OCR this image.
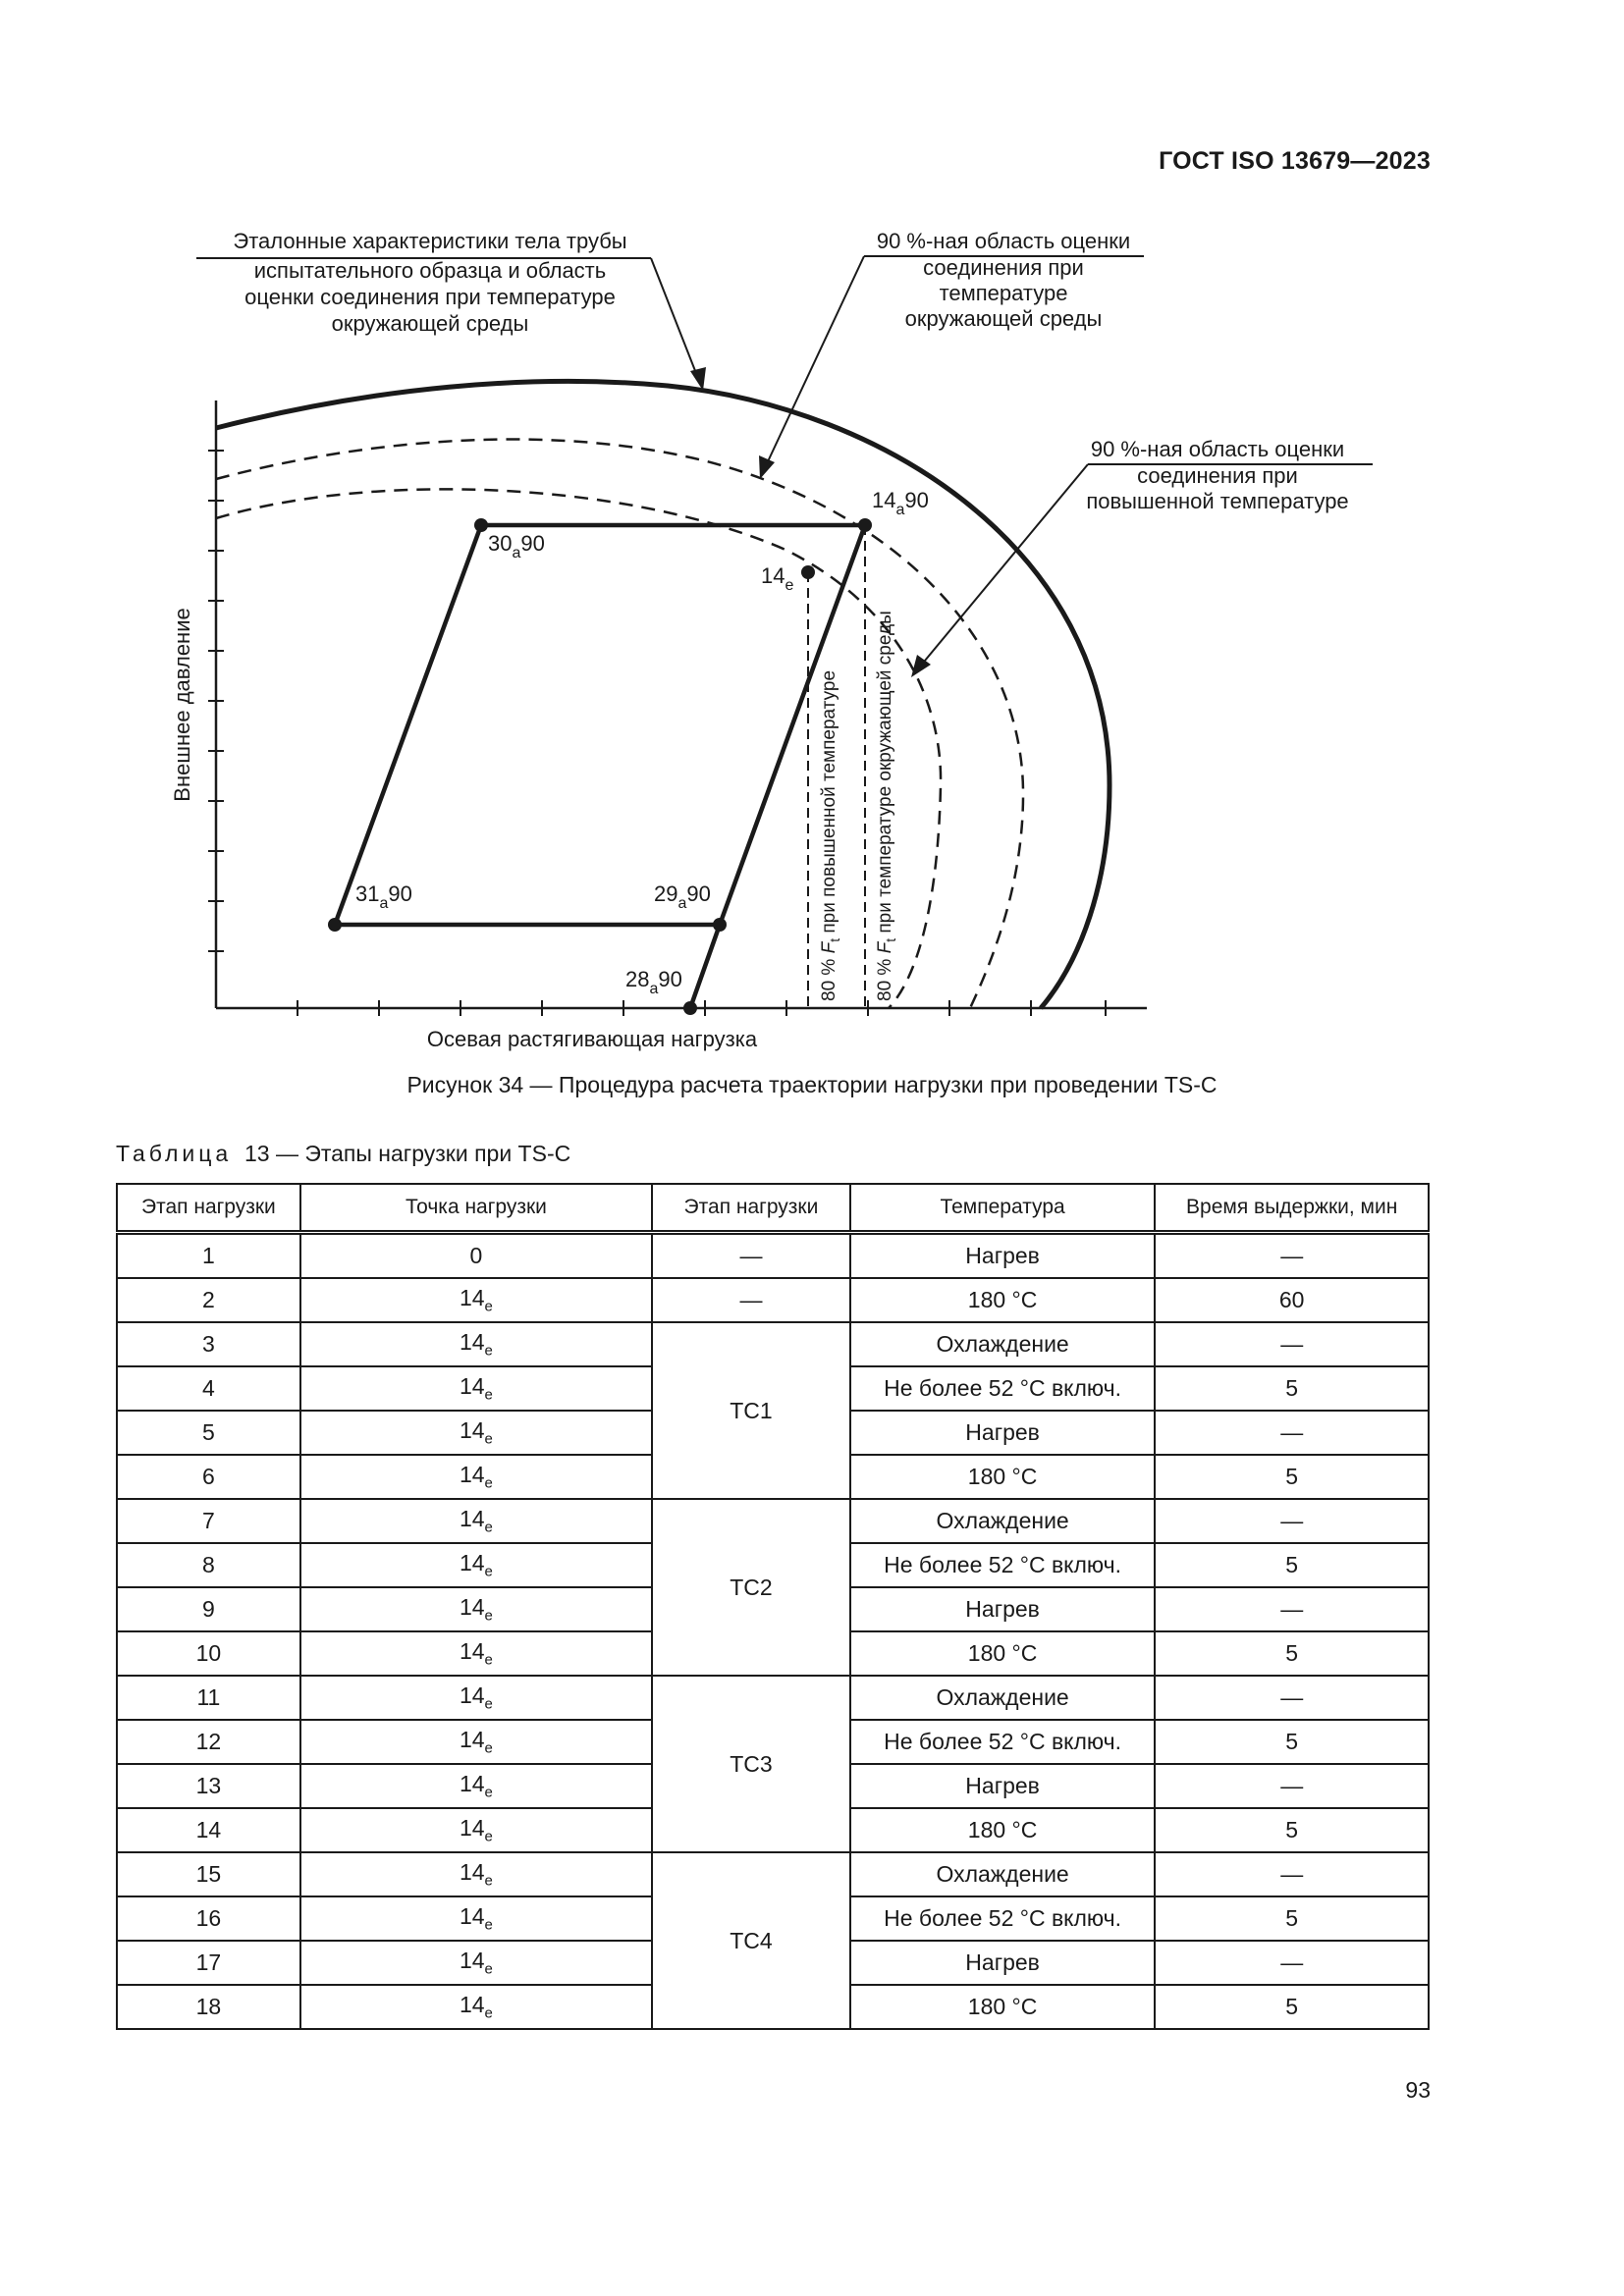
ГОСТ ISO 13679—2023
$14_a90$
$14_e$
$30_a90$
$31_a90$	$29_a90$
$28_a90$	80 % $F_t$ при повышенной температуре
80 % $F_t$ при температуре окружающей среды
Внешнее давление
Осевая растягивающая нагрузка
Эталонные характеристики тела трубы
испытательного образца и область
оценки соединения при температуре
окружающей среды
90 %-ная область оценки
соединения при
температуре
окружающей среды
90 %-ная область оценки
соединения при
повышенной температуре
Рисунок 34 — Процедура расчета траектории нагрузки при проведении TS-C
Таблица 13 — Этапы нагрузки при TS-C
Этап нагрузки	Точка нагрузки	Этап нагрузки	Температура	Время выдержки, мин
1	0	—	Нагрев	—
2	$14_e$	—	180 °C	60
3	$14_e$	TC1	Охлаждение	—
4	$14_e$		Не более 52 °C включ.	5
5	$14_e$		Нагрев	—
6	$14_e$		180 °C	5
7	$14_e$	TC2	Охлаждение	—
8	$14_e$		Не более 52 °C включ.	5
9	$14_e$		Нагрев	—
10	$14_e$		180 °C	5
11	$14_e$	TC3	Охлаждение	—
12	$14_e$		Не более 52 °C включ.	5
13	$14_e$		Нагрев	—
14	$14_e$		180 °C	5
15	$14_e$	TC4	Охлаждение	—
16	$14_e$		Не более 52 °C включ.	5
17	$14_e$		Нагрев	—
18	$14_e$		180 °C	5
93
